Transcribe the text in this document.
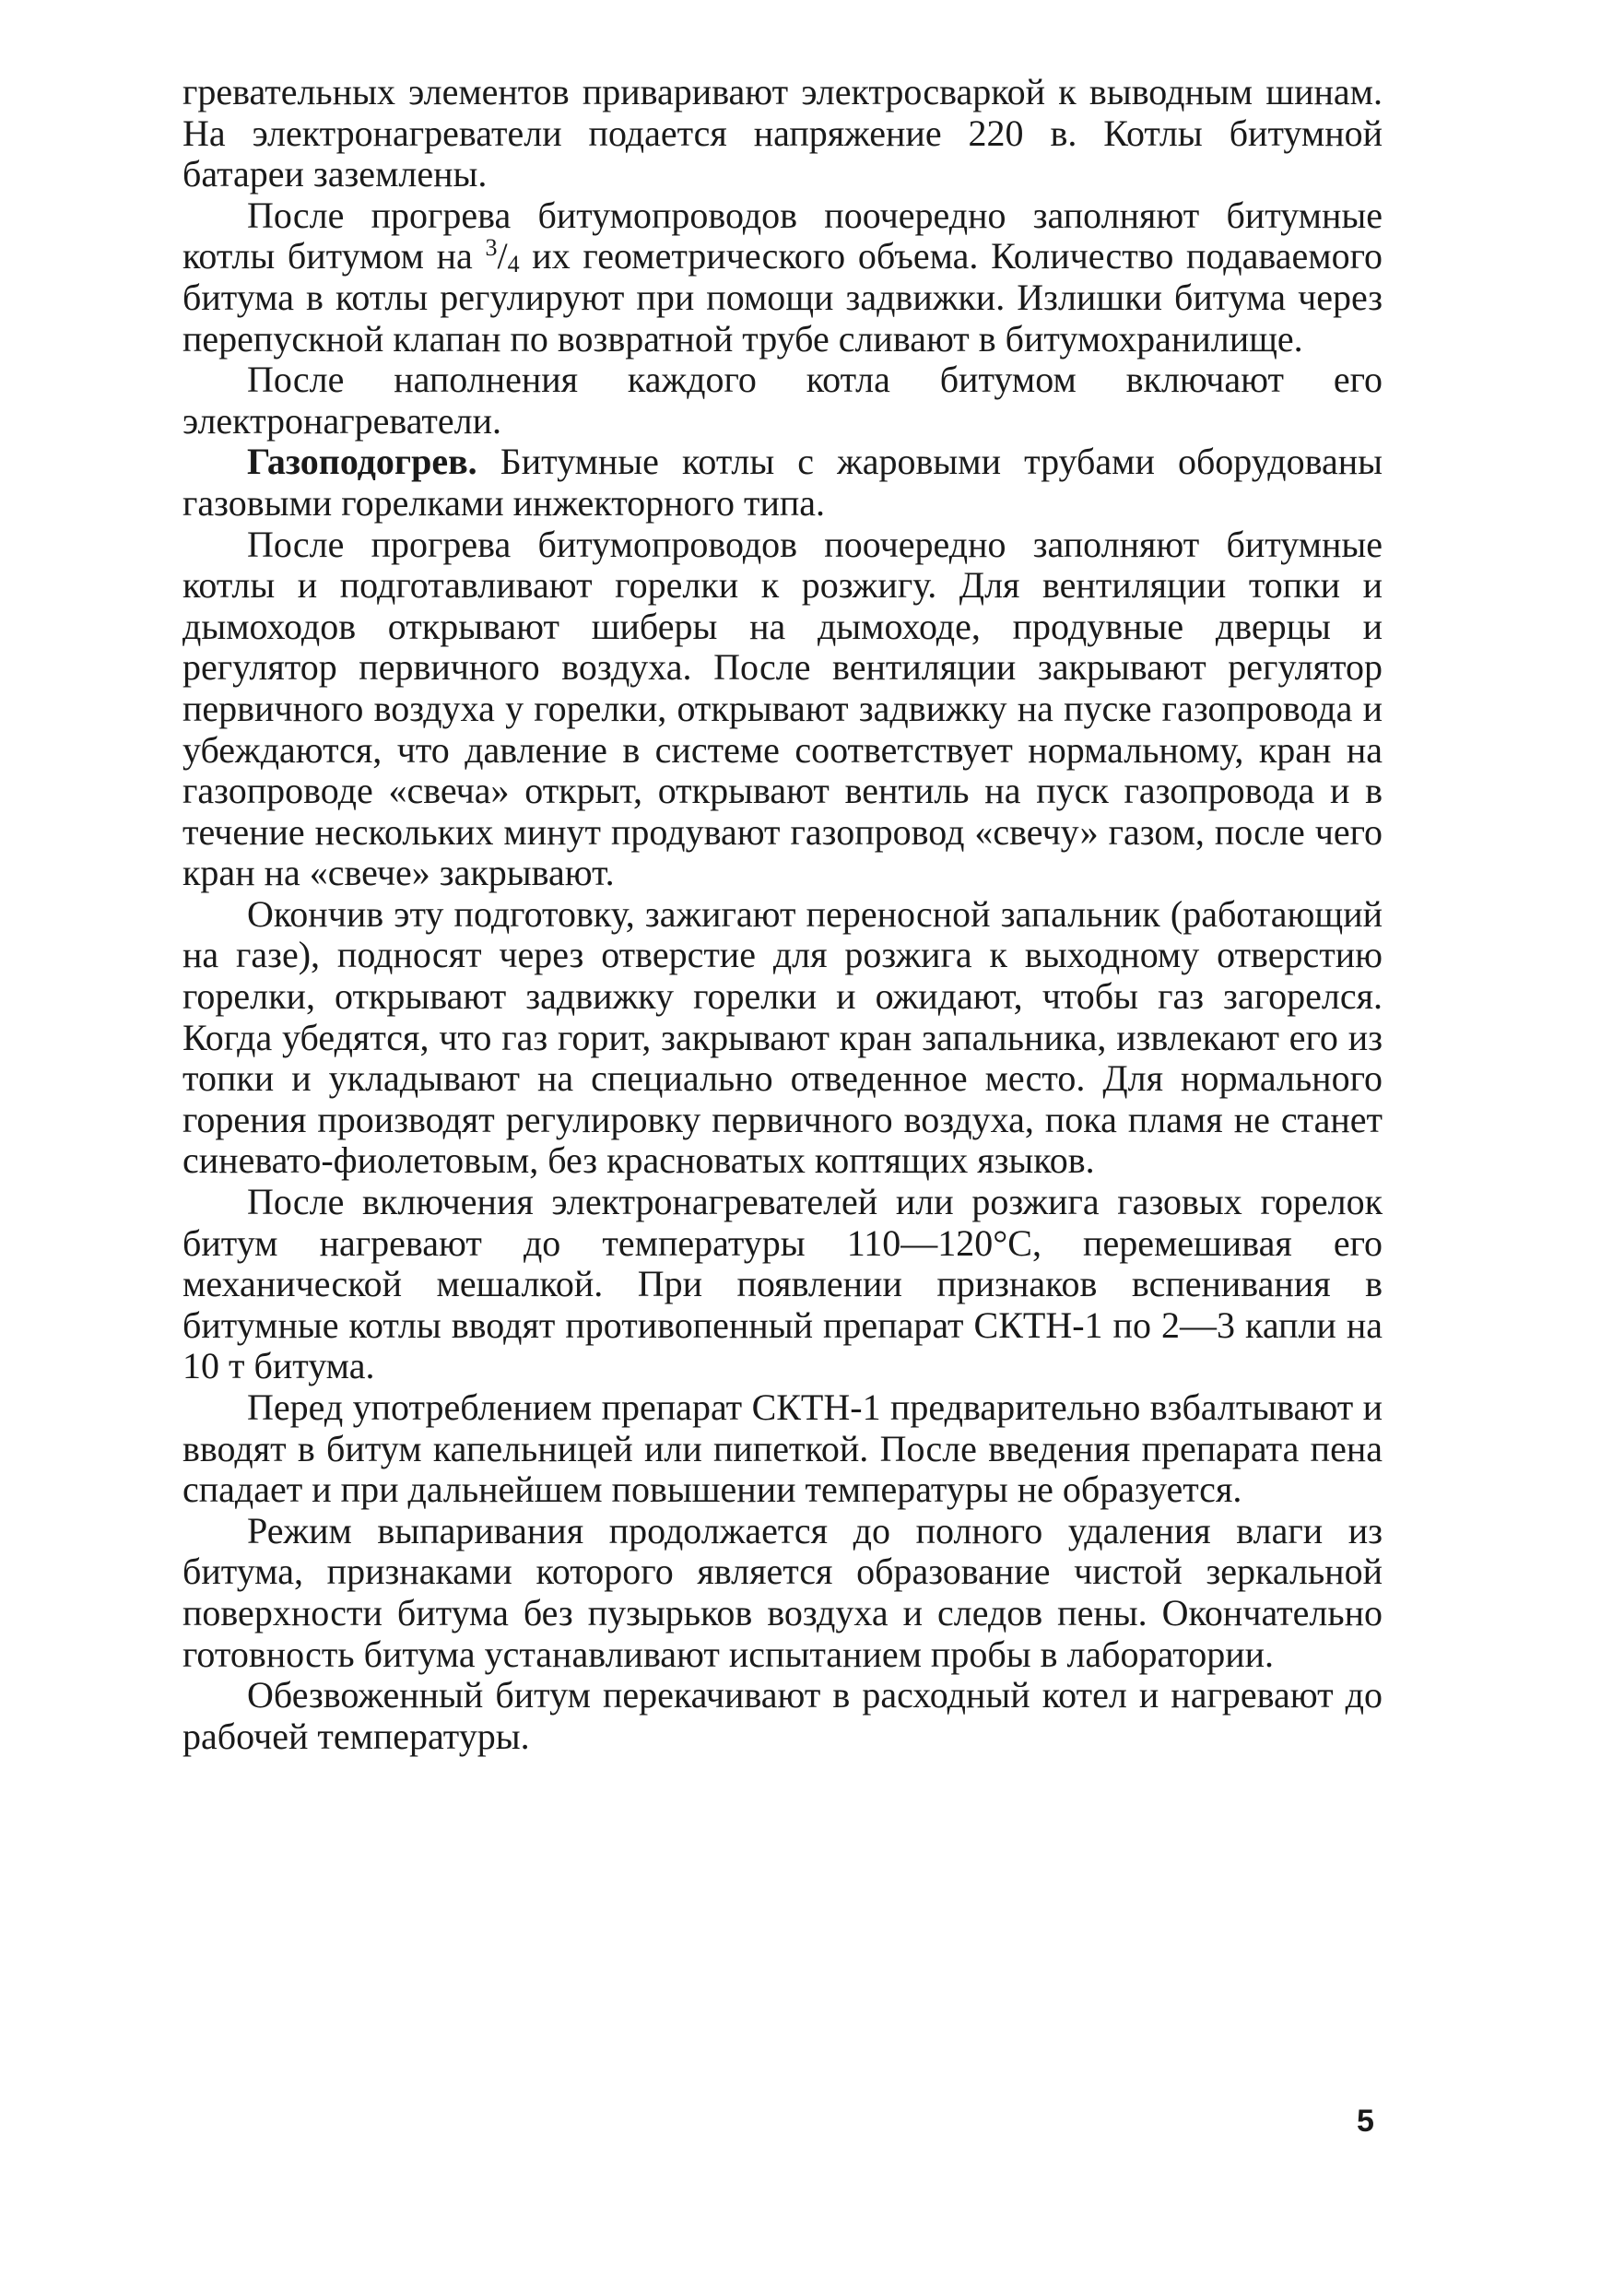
гревательных элементов приваривают электросваркой к выводным шинам. На электронагреватели подается напряжение 220 в. Котлы битумной батареи заземлены.

После прогрева битумопроводов поочередно заполняют битумные котлы битумом на $^3/_4$ их геометрического объема. Количество подаваемого битума в котлы регулируют при помощи задвижки. Излишки битума через перепускной клапан по возвратной трубе сливают в битумохранилище.

После наполнения каждого котла битумом включают его электронагреватели.

Газоподогрев. Битумные котлы с жаровыми трубами оборудованы газовыми горелками инжекторного типа.

После прогрева битумопроводов поочередно заполняют битумные котлы и подготавливают горелки к розжигу. Для вентиляции топки и дымоходов открывают шиберы на дымоходе, продувные дверцы и регулятор первичного воздуха. После вентиляции закрывают регулятор первичного воздуха у горелки, открывают задвижку на пуске газопровода и убеждаются, что давление в системе соответствует нормальному, кран на газопроводе «свеча» открыт, открывают вентиль на пуск газопровода и в течение нескольких минут продувают газопровод «свечу» газом, после чего кран на «свече» закрывают.

Окончив эту подготовку, зажигают переносной запальник (работающий на газе), подносят через отверстие для розжига к выходному отверстию горелки, открывают задвижку горелки и ожидают, чтобы газ загорелся. Когда убедятся, что газ горит, закрывают кран запальника, извлекают его из топки и укладывают на специально отведенное место. Для нормального горения производят регулировку первичного воздуха, пока пламя не станет синевато-фиолетовым, без красноватых коптящих языков.

После включения электронагревателей или розжига газовых горелок битум нагревают до температуры 110—120°С, перемешивая его механической мешалкой. При появлении признаков вспенивания в битумные котлы вводят противопенный препарат СКТН-1 по 2—3 капли на 10 т битума.

Перед употреблением препарат СКТН-1 предварительно взбалтывают и вводят в битум капельницей или пипеткой. После введения препарата пена спадает и при дальнейшем повышении температуры не образуется.

Режим выпаривания продолжается до полного удаления влаги из битума, признаками которого является образование чистой зеркальной поверхности битума без пузырьков воздуха и следов пены. Окончательно готовность битума устанавливают испытанием пробы в лаборатории.

Обезвоженный битум перекачивают в расходный котел и нагревают до рабочей температуры.

5
